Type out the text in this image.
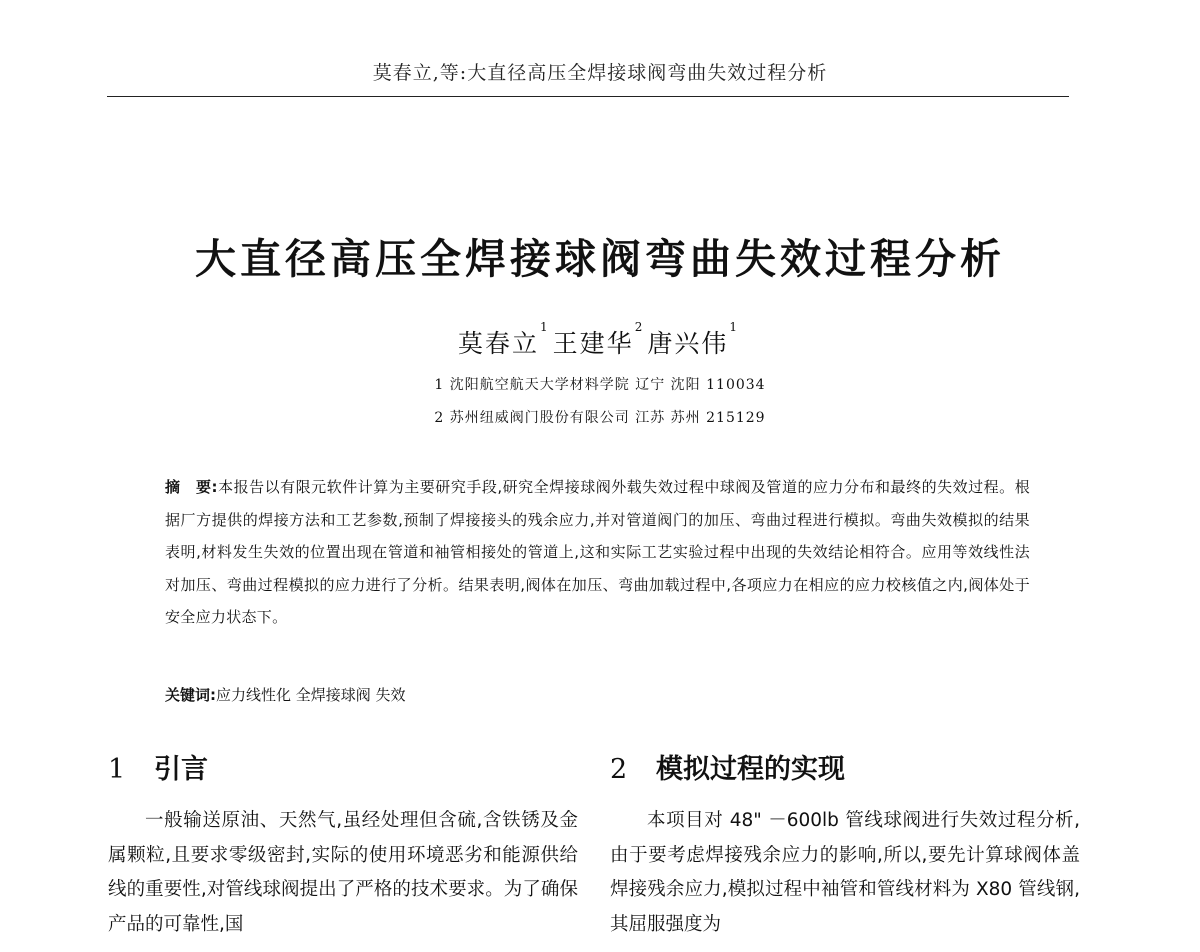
莫春立,等:大直径高压全焊接球阀弯曲失效过程分析
大直径高压全焊接球阀弯曲失效过程分析
莫春立$^1$王建华$^2$唐兴伟$^1$
1 沈阳航空航天大学材料学院 辽宁 沈阳 110034
2 苏州纽威阀门股份有限公司 江苏 苏州 215129
摘　要:本报告以有限元软件计算为主要研究手段,研究全焊接球阀外载失效过程中球阀及管道的应力分布和最终的失效过程。根据厂方提供的焊接方法和工艺参数,预制了焊接接头的残余应力,并对管道阀门的加压、弯曲过程进行模拟。弯曲失效模拟的结果表明,材料发生失效的位置出现在管道和袖管相接处的管道上,这和实际工艺实验过程中出现的失效结论相符合。应用等效线性法对加压、弯曲过程模拟的应力进行了分析。结果表明,阀体在加压、弯曲加载过程中,各项应力在相应的应力校核值之内,阀体处于安全应力状态下。
关键词:应力线性化 全焊接球阀 失效
1 引言

一般输送原油、天然气,虽经处理但含硫,含铁锈及金属颗粒,且要求零级密封,实际的使用环境恶劣和能源供给线的重要性,对管线球阀提出了严格的技术要求。为了确保产品的可靠性,国

2 模拟过程的实现

本项目对 48" －600lb 管线球阀进行失效过程分析,由于要考虑焊接残余应力的影响,所以,要先计算球阀体盖焊接残余应力,模拟过程中袖管和管线材料为 X80 管线钢,其屈服强度为
